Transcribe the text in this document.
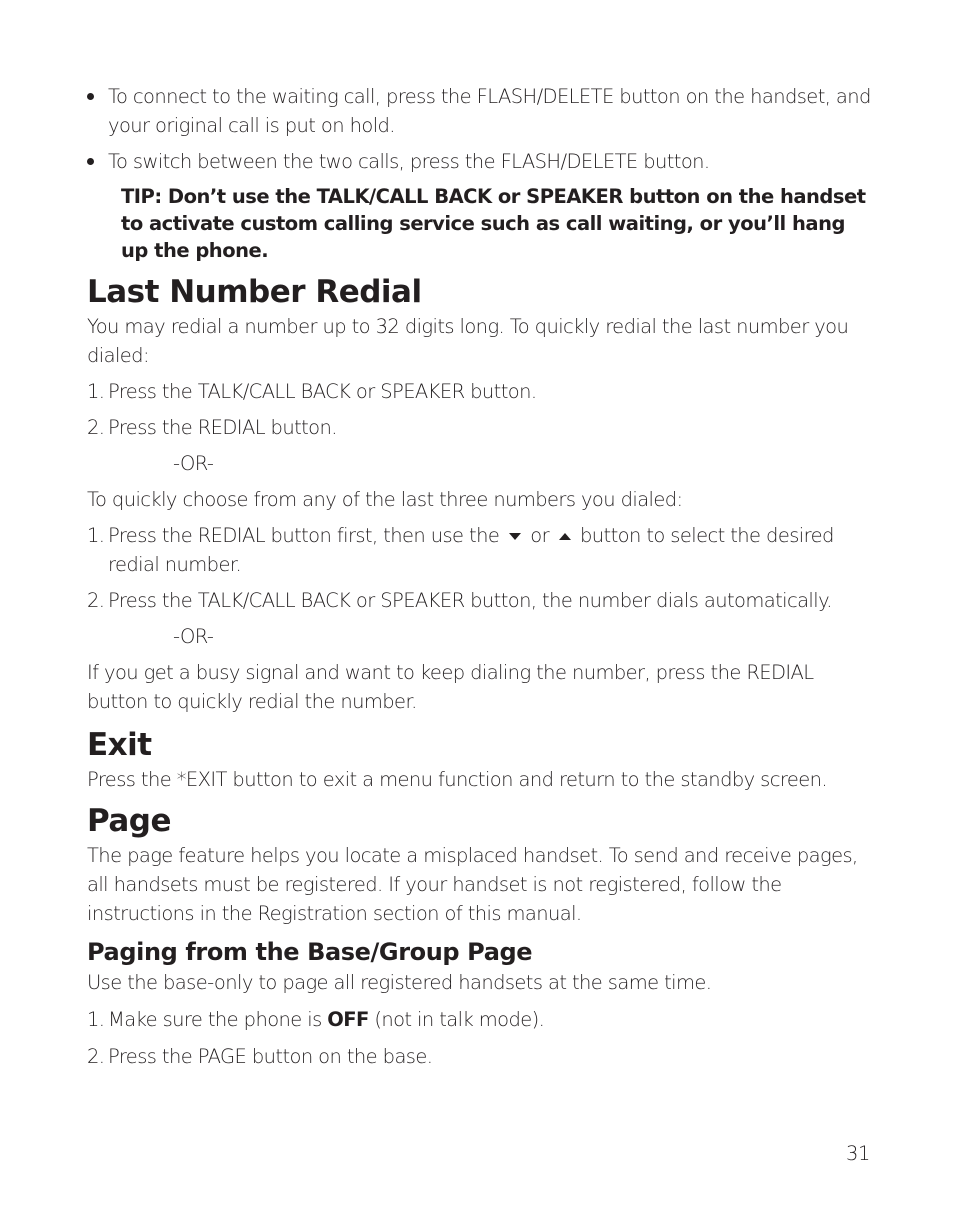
To connect to the waiting call, press the FLASH/DELETE button on the handset, and your original call is put on hold.

To switch between the two calls, press the FLASH/DELETE button.

TIP: Don’t use the TALK/CALL BACK or SPEAKER button on the handset to activate custom calling service such as call waiting, or you’ll hang up the phone.

Last Number Redial

You may redial a number up to 32 digits long. To quickly redial the last number you dialed:

1. Press the TALK/CALL BACK or SPEAKER button.

2. Press the REDIAL button.

-OR-

To quickly choose from any of the last three numbers you dialed:

1. Press the REDIAL button first, then use the or button to select the desired redial number.

2. Press the TALK/CALL BACK or SPEAKER button, the number dials automatically.

-OR-

If you get a busy signal and want to keep dialing the number, press the REDIAL button to quickly redial the number.

Exit

Press the *EXIT button to exit a menu function and return to the standby screen.

Page

The page feature helps you locate a misplaced handset. To send and receive pages, all handsets must be registered. If your handset is not registered, follow the instructions in the Registration section of this manual.

Paging from the Base/Group Page

Use the base-only to page all registered handsets at the same time.

1. Make sure the phone is OFF (not in talk mode).

2. Press the PAGE button on the base.

31
